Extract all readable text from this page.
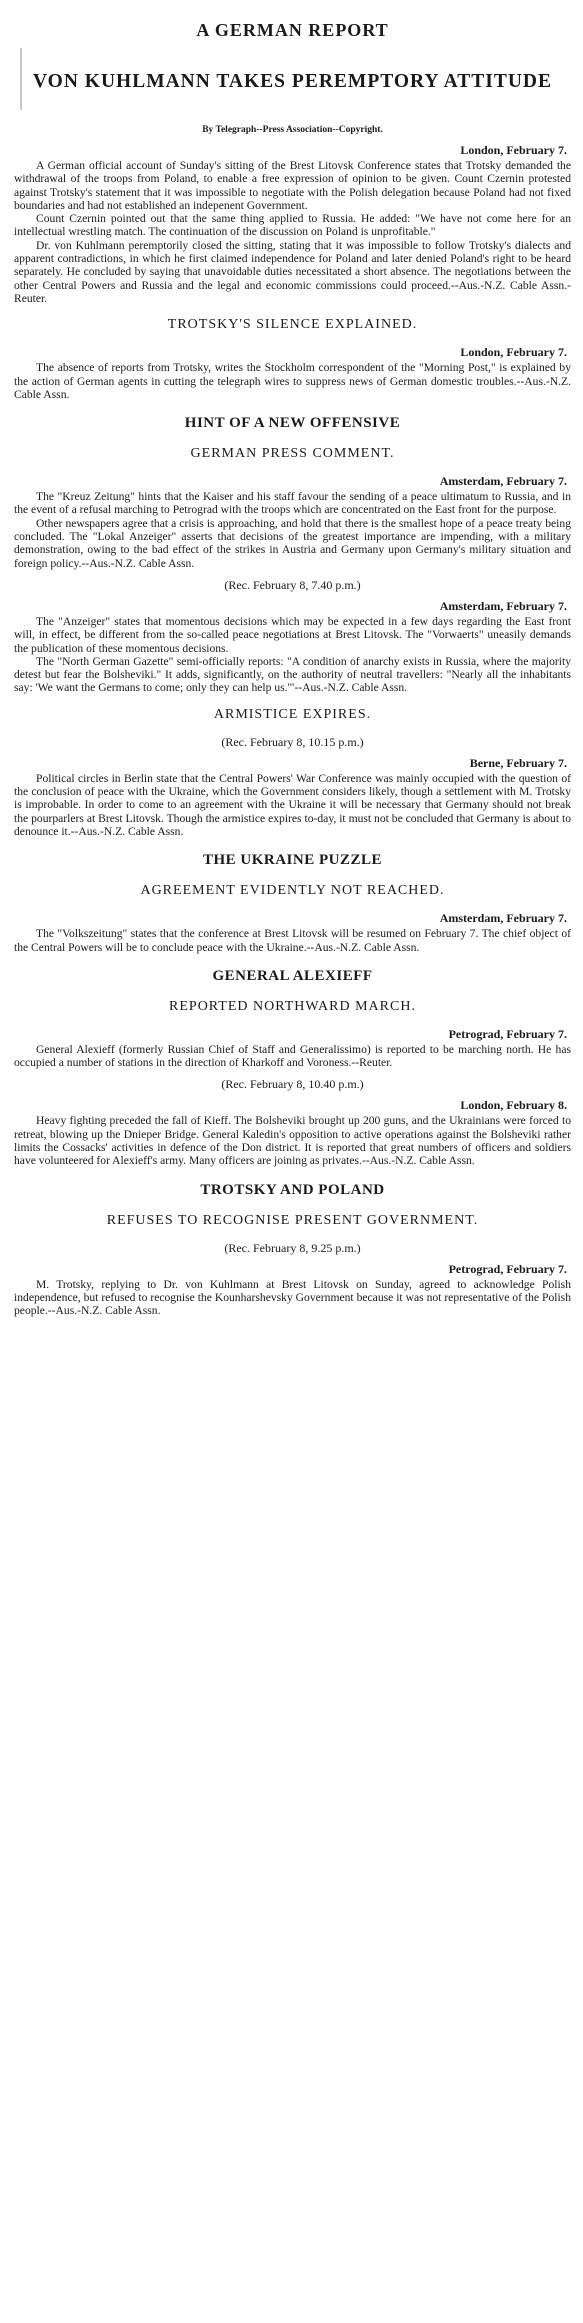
A GERMAN REPORT
VON KUHLMANN TAKES PEREMPTORY ATTITUDE
By Telegraph--Press Association--Copyright.
London, February 7.
A German official account of Sunday's sitting of the Brest Litovsk Conference states that Trotsky demanded the withdrawal of the troops from Poland, to enable a free expression of opinion to be given. Count Czernin protested against Trotsky's statement that it was impossible to negotiate with the Polish delegation because Poland had not fixed boundaries and had not established an indepenent Government.
Count Czernin pointed out that the same thing applied to Russia. He added: "We have not come here for an intellectual wrestling match. The continuation of the discussion on Poland is unprofitable."
Dr. von Kuhlmann peremptorily closed the sitting, stating that it was impossible to follow Trotsky's dialects and apparent contradictions, in which he first claimed independence for Poland and later denied Poland's right to be heard separately. He concluded by saying that unavoidable duties necessitated a short absence. The negotiations between the other Central Powers and Russia and the legal and economic commissions could proceed.--Aus.-N.Z. Cable Assn.-Reuter.
TROTSKY'S SILENCE EXPLAINED.
London, February 7.
The absence of reports from Trotsky, writes the Stockholm correspondent of the "Morning Post," is explained by the action of German agents in cutting the telegraph wires to suppress news of German domestic troubles.--Aus.-N.Z. Cable Assn.
HINT OF A NEW OFFENSIVE
GERMAN PRESS COMMENT.
Amsterdam, February 7.
The "Kreuz Zeitung" hints that the Kaiser and his staff favour the sending of a peace ultimatum to Russia, and in the event of a refusal marching to Petrograd with the troops which are concentrated on the East front for the purpose.
Other newspapers agree that a crisis is approaching, and hold that there is the smallest hope of a peace treaty being concluded. The "Lokal Anzeiger" asserts that decisions of the greatest importance are impending, with a military demonstration, owing to the bad effect of the strikes in Austria and Germany upon Germany's military situation and foreign policy.--Aus.-N.Z. Cable Assn.
(Rec. February 8, 7.40 p.m.)
Amsterdam, February 7.
The "Anzeiger" states that momentous decisions which may be expected in a few days regarding the East front will, in effect, be different from the so-called peace negotiations at Brest Litovsk. The "Vorwaerts" uneasily demands the publication of these momentous decisions.
The "North German Gazette" semi-officially reports: "A condition of anarchy exists in Russia, where the majority detest but fear the Bolsheviki." It adds, significantly, on the authority of neutral travellers: "Nearly all the inhabitants say: 'We want the Germans to come; only they can help us.'"--Aus.-N.Z. Cable Assn.
ARMISTICE EXPIRES.
(Rec. February 8, 10.15 p.m.)
Berne, February 7.
Political circles in Berlin state that the Central Powers' War Conference was mainly occupied with the question of the conclusion of peace with the Ukraine, which the Government considers likely, though a settlement with M. Trotsky is improbable. In order to come to an agreement with the Ukraine it will be necessary that Germany should not break the pourparlers at Brest Litovsk. Though the armistice expires to-day, it must not be concluded that Germany is about to denounce it.--Aus.-N.Z. Cable Assn.
THE UKRAINE PUZZLE
AGREEMENT EVIDENTLY NOT REACHED.
Amsterdam, February 7.
The "Volkszeitung" states that the conference at Brest Litovsk will be resumed on February 7. The chief object of the Central Powers will be to conclude peace with the Ukraine.--Aus.-N.Z. Cable Assn.
GENERAL ALEXIEFF
REPORTED NORTHWARD MARCH.
Petrograd, February 7.
General Alexieff (formerly Russian Chief of Staff and Generalissimo) is reported to be marching north. He has occupied a number of stations in the direction of Kharkoff and Voroness.--Reuter.
(Rec. February 8, 10.40 p.m.)
London, February 8.
Heavy fighting preceded the fall of Kieff. The Bolsheviki brought up 200 guns, and the Ukrainians were forced to retreat, blowing up the Dnieper Bridge. General Kaledin's opposition to active operations against the Bolsheviki rather limits the Cossacks' activities in defence of the Don district. It is reported that great numbers of officers and soldiers have volunteered for Alexieff's army. Many officers are joining as privates.--Aus.-N.Z. Cable Assn.
TROTSKY AND POLAND
REFUSES TO RECOGNISE PRESENT GOVERNMENT.
(Rec. February 8, 9.25 p.m.)
Petrograd, February 7.
M. Trotsky, replying to Dr. von Kuhlmann at Brest Litovsk on Sunday, agreed to acknowledge Polish independence, but refused to recognise the Kounharshevsky Government because it was not representative of the Polish people.--Aus.-N.Z. Cable Assn.
